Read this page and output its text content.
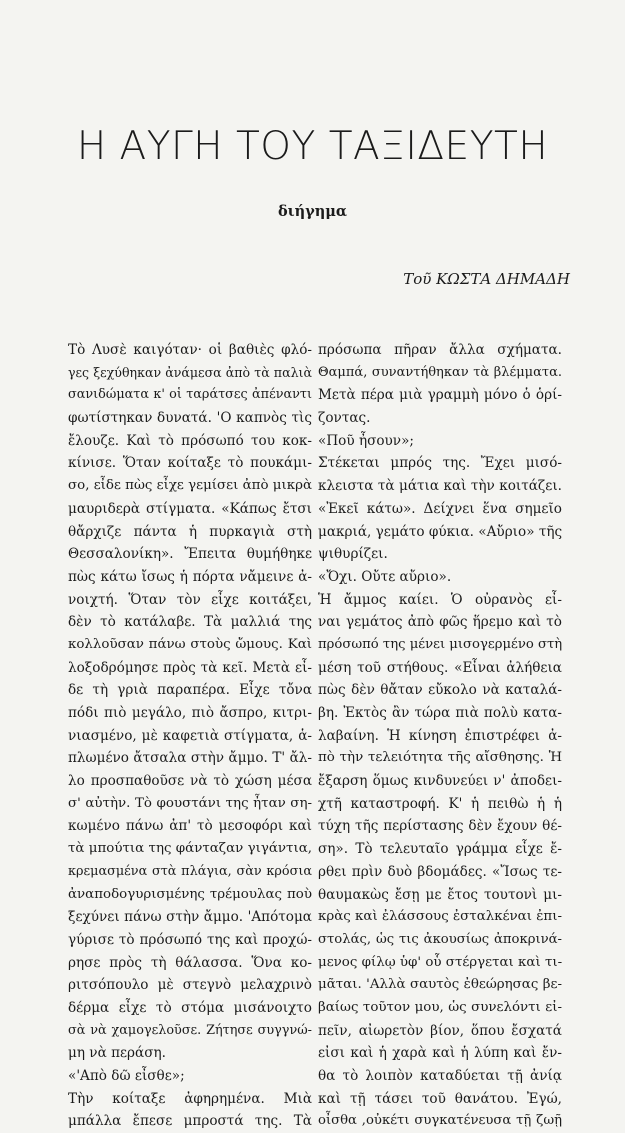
Η ΑΥΓΗ ΤΟΥ ΤΑΞΙΔΕΥΤΗ

διήγημα

Τοῦ ΚΩΣΤΑ ΔΗΜΑΔΗ

Τὸ Λυσὲ καιγόταν· οἱ βαθιὲς φλό-
γες ξεχύθηκαν ἀνάμεσα ἀπὸ τὰ παλιὰ
σανιδώματα κ' οἱ ταράτσες ἀπέναντι
φωτίστηκαν δυνατά. 'Ο καπνὸς τὶς
ἔλουζε. Καὶ τὸ πρόσωπό του κοκ-
κίνισε. Ὅταν κοίταξε τὸ πουκάμι-
σο, εἶδε πὼς εἶχε γεμίσει ἀπὸ μικρὰ
μαυριδερὰ στίγματα. «Κάπως ἔτσι
θἄρχιζε πάντα ἡ πυρκαγιὰ στὴ
Θεσσαλονίκη». Ἔπειτα θυμήθηκε
πὼς κάτω ἴσως ἡ πόρτα νἄμεινε ἀ-
νοιχτή. Ὅταν τὸν εἶχε κοιτάξει,
δὲν τὸ κατάλαβε. Τὰ μαλλιά της
κολλοῦσαν πάνω στοὺς ὤμους. Καὶ
λοξοδρόμησε πρὸς τὰ κεῖ. Μετὰ εἶ-
δε τὴ γριὰ παραπέρα. Εἶχε τὄνα
πόδι πιὸ μεγάλο, πιὸ ἄσπρο, κιτρι-
νιασμένο, μὲ καφετιὰ στίγματα, ἁ-
πλωμένο ἄτσαλα στὴν ἄμμο. Τ' ἄλ-
λο προσπαθοῦσε νὰ τὸ χώση μέσα
σ' αὐτὴν. Τὸ φουστάνι της ἦταν ση-
κωμένο πάνω ἀπ' τὸ μεσοφόρι καὶ
τὰ μπούτια της φάνταζαν γιγάντια,
κρεμασμένα στὰ πλάγια, σὰν κρόσια
ἀναποδογυρισμένης τρέμουλας ποὺ
ξεχύνει πάνω στὴν ἄμμο. 'Απότομα
γύρισε τὸ πρόσωπό της καὶ προχώ-
ρησε πρὸς τὴ θάλασσα. Ὅνα κο-
ριτσόπουλο μὲ στεγνὸ μελαχρινὸ
δέρμα εἶχε τὸ στόμα μισάνοιχτο
σὰ νὰ χαμογελοῦσε. Ζήτησε συγγνώ-
μη νὰ περάση.
«'Απὸ δῶ εἶσθε»;
Τὴν κοίταξε ἀφηρημένα. Μιὰ
μπάλλα ἔπεσε μπροστά της. Τὰ
πρόσωπα πῆραν ἄλλα σχήματα.
Θαμπά, συναντήθηκαν τὰ βλέμματα.
Μετὰ πέρα μιὰ γραμμὴ μόνο ὁ ὁρί-
ζοντας.
«Ποῦ ἦσουν»;
Στέκεται μπρός της. Ἔχει μισό-
κλειστα τὰ μάτια καὶ τὴν κοιτάζει.
«Ἐκεῖ κάτω». Δείχνει ἕνα σημεῖο
μακριά, γεμάτο φύκια. «Αὔριο» τῆς
ψιθυρίζει.
«Ὄχι. Οὔτε αὔριο».
Ἡ ἄμμος καίει. Ὁ οὐρανὸς εἶ-
ναι γεμάτος ἀπὸ φῶς ἥρεμο καὶ τὸ
πρόσωπό της μένει μισογερμένο στὴ
μέση τοῦ στήθους. «Εἶναι ἀλήθεια
πὼς δὲν θἄταν εὔκολο νὰ καταλά-
βη. Ἐκτὸς ἂν τώρα πιὰ πολὺ κατα-
λαβαίνη. Ἡ κίνηση ἐπιστρέφει ἀ-
πὸ τὴν τελειότητα τῆς αἴσθησης. Ἡ
ἔξαρση ὅμως κινδυνεύει ν' ἀποδει-
χτῆ καταστροφή. Κ' ἡ πειθὼ ἡ ἡ
τύχη τῆς περίστασης δὲν ἔχουν θέ-
ση». Τὸ τελευταῖο γράμμα εἶχε ἔ-
ρθει πρὶν δυὸ βδομάδες. «Ἴσως τε-
θαυμακὼς ἔσῃ με ἔτος τουτονὶ μι-
κρὰς καὶ ἐλάσσους ἐσταλκέναι ἐπι-
στολάς, ὡς τις ἀκουσίως ἀποκρινά-
μενος φίλῳ ὑφ' οὗ στέργεται καὶ τι-
μᾶται. 'Αλλὰ σαυτὸς ἐθεώρησας βε-
βαίως τοῦτον μου, ὡς συνελόντι εἰ-
πεῖν, αἰωρετὸν βίον, ὅπου ἔσχατά
εἰσι καὶ ἡ χαρὰ καὶ ἡ λύπη καὶ ἔν-
θα τὸ λοιπὸν καταδύεται τῇ ἀνίᾳ
καὶ τῇ τάσει τοῦ θανάτου. Ἐγώ,
οἶσθα ,οὐκέτι συγκατένευσα τῇ ζωῇ
